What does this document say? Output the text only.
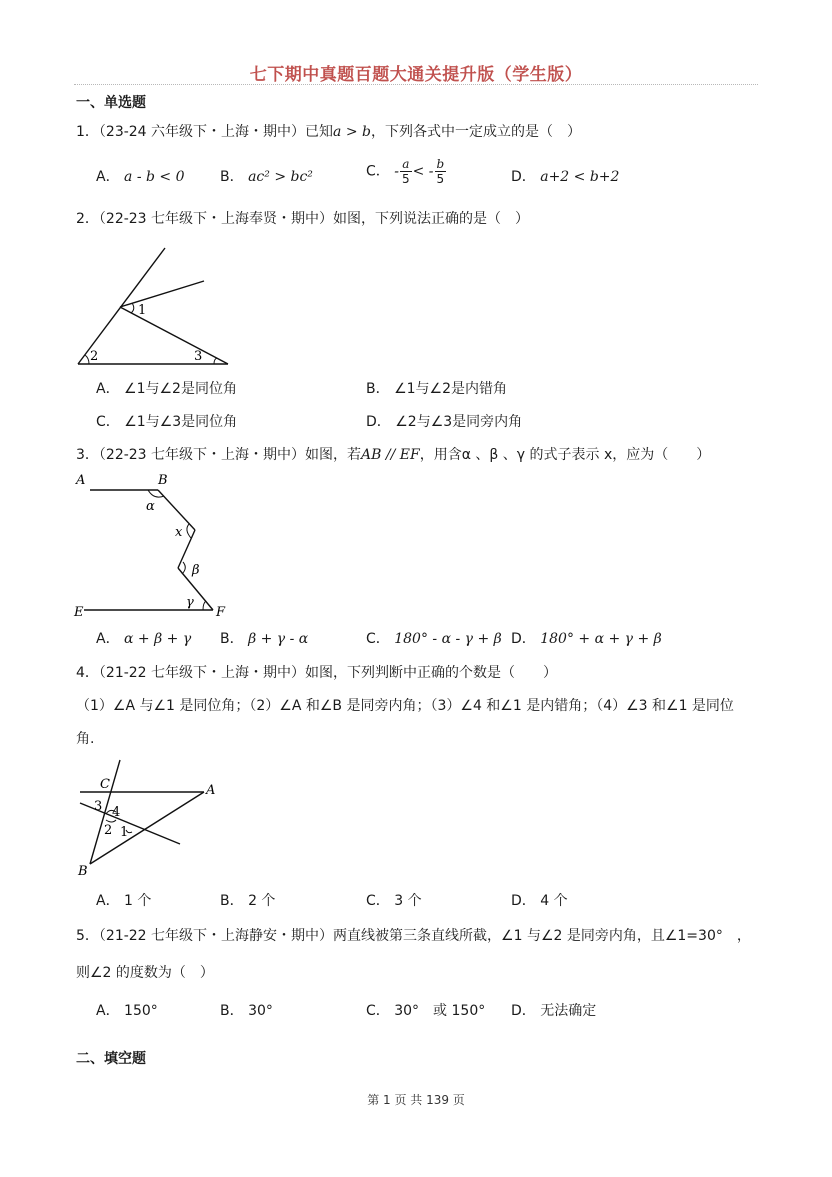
七下期中真题百题大通关提升版（学生版）
一、单选题
1．（23-24 六年级下・上海・期中）已知a > b，下列各式中一定成立的是（　）
A． a - b < 0	B． ac² > bc²	C． - $\frac{a}{5}$ < - $\frac{b}{5}$	D． a+2 < b+2
2．（22-23 七年级下・上海奉贤・期中）如图，下列说法正确的是（　）
1
2	3
A． ∠1与∠2是同位角	B． ∠1与∠2是内错角
C． ∠1与∠3是同位角	D． ∠2与∠3是同旁内角
3．（22-23 七年级下・上海・期中）如图，若AB // EF，用含α 、β 、γ 的式子表示 x，应为（　　）
A	B
α
x
β
γ
E	F
A． α + β + γ B． β + γ - α	C． 180° - α - γ + β D． 180° + α + γ + β
4．（21-22 七年级下・上海・期中）如图，下列判断中正确的个数是（　　）
（1）∠A 与∠1 是同位角；（2）∠A 和∠B 是同旁内角；（3）∠4 和∠1 是内错角；（4）∠3 和∠1 是同位
角.
C	A
3 4
2 1
B
A． 1 个	B． 2 个	C． 3 个	D． 4 个
5．（21-22 七年级下・上海静安・期中）两直线被第三条直线所截，∠1 与∠2 是同旁内角，且∠1=30°　，
则∠2 的度数为（　）
A． 150°	B． 30°	C． 30°　或 150° D． 无法确定
二、填空题
第 1 页 共 139 页
